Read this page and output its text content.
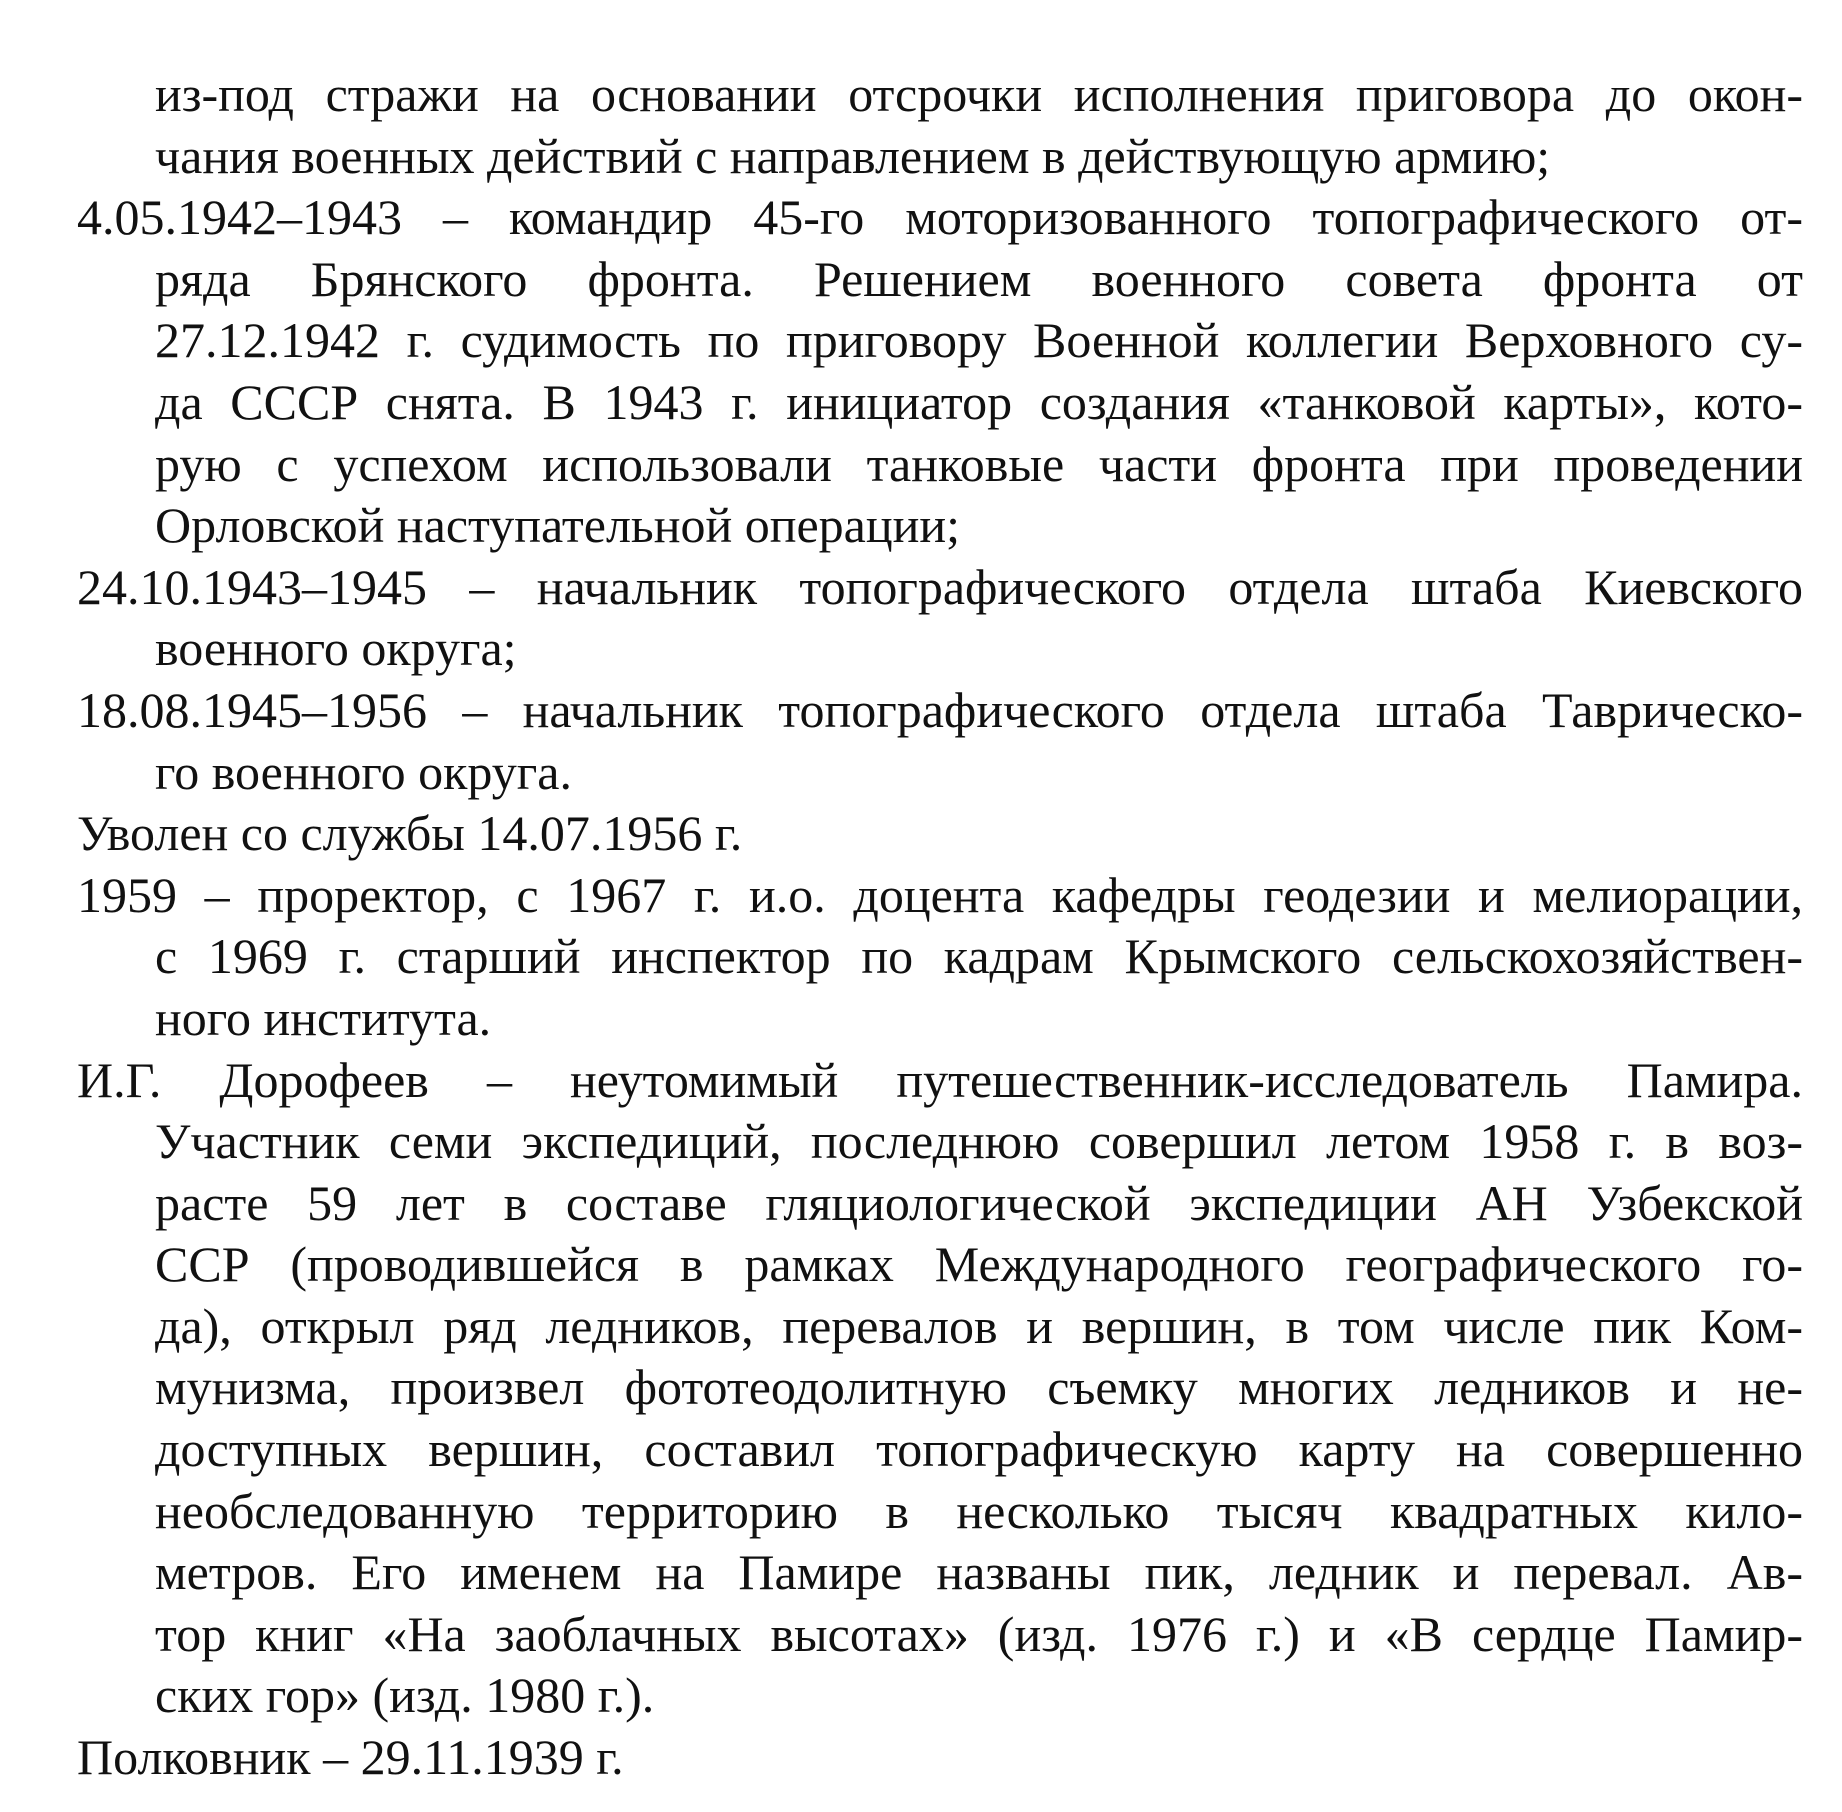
из-под стражи на основании отсрочки исполнения приговора до окон-
чания военных действий с направлением в действующую армию;
4.05.1942–1943 – командир 45-го моторизованного топографического от-
ряда Брянского фронта. Решением военного совета фронта от
27.12.1942 г. судимость по приговору Военной коллегии Верховного су-
да СССР снята. В 1943 г. инициатор создания «танковой карты», кото-
рую с успехом использовали танковые части фронта при проведении
Орловской наступательной операции;
24.10.1943–1945 – начальник топографического отдела штаба Киевского
военного округа;
18.08.1945–1956 – начальник топографического отдела штаба Таврическо-
го военного округа.
Уволен со службы 14.07.1956 г.
1959 – проректор, с 1967 г. и.о. доцента кафедры геодезии и мелиорации,
с 1969 г. старший инспектор по кадрам Крымского сельскохозяйствен-
ного института.
И.Г. Дорофеев – неутомимый путешественник-исследователь Памира.
Участник семи экспедиций, последнюю совершил летом 1958 г. в воз-
расте 59 лет в составе гляциологической экспедиции АН Узбекской
ССР (проводившейся в рамках Международного географического го-
да), открыл ряд ледников, перевалов и вершин, в том числе пик Ком-
мунизма, произвел фототеодолитную съемку многих ледников и не-
доступных вершин, составил топографическую карту на совершенно
необследованную территорию в несколько тысяч квадратных кило-
метров. Его именем на Памире названы пик, ледник и перевал. Ав-
тор книг «На заоблачных высотах» (изд. 1976 г.) и «В сердце Памир-
ских гор» (изд. 1980 г.).
Полковник – 29.11.1939 г.
